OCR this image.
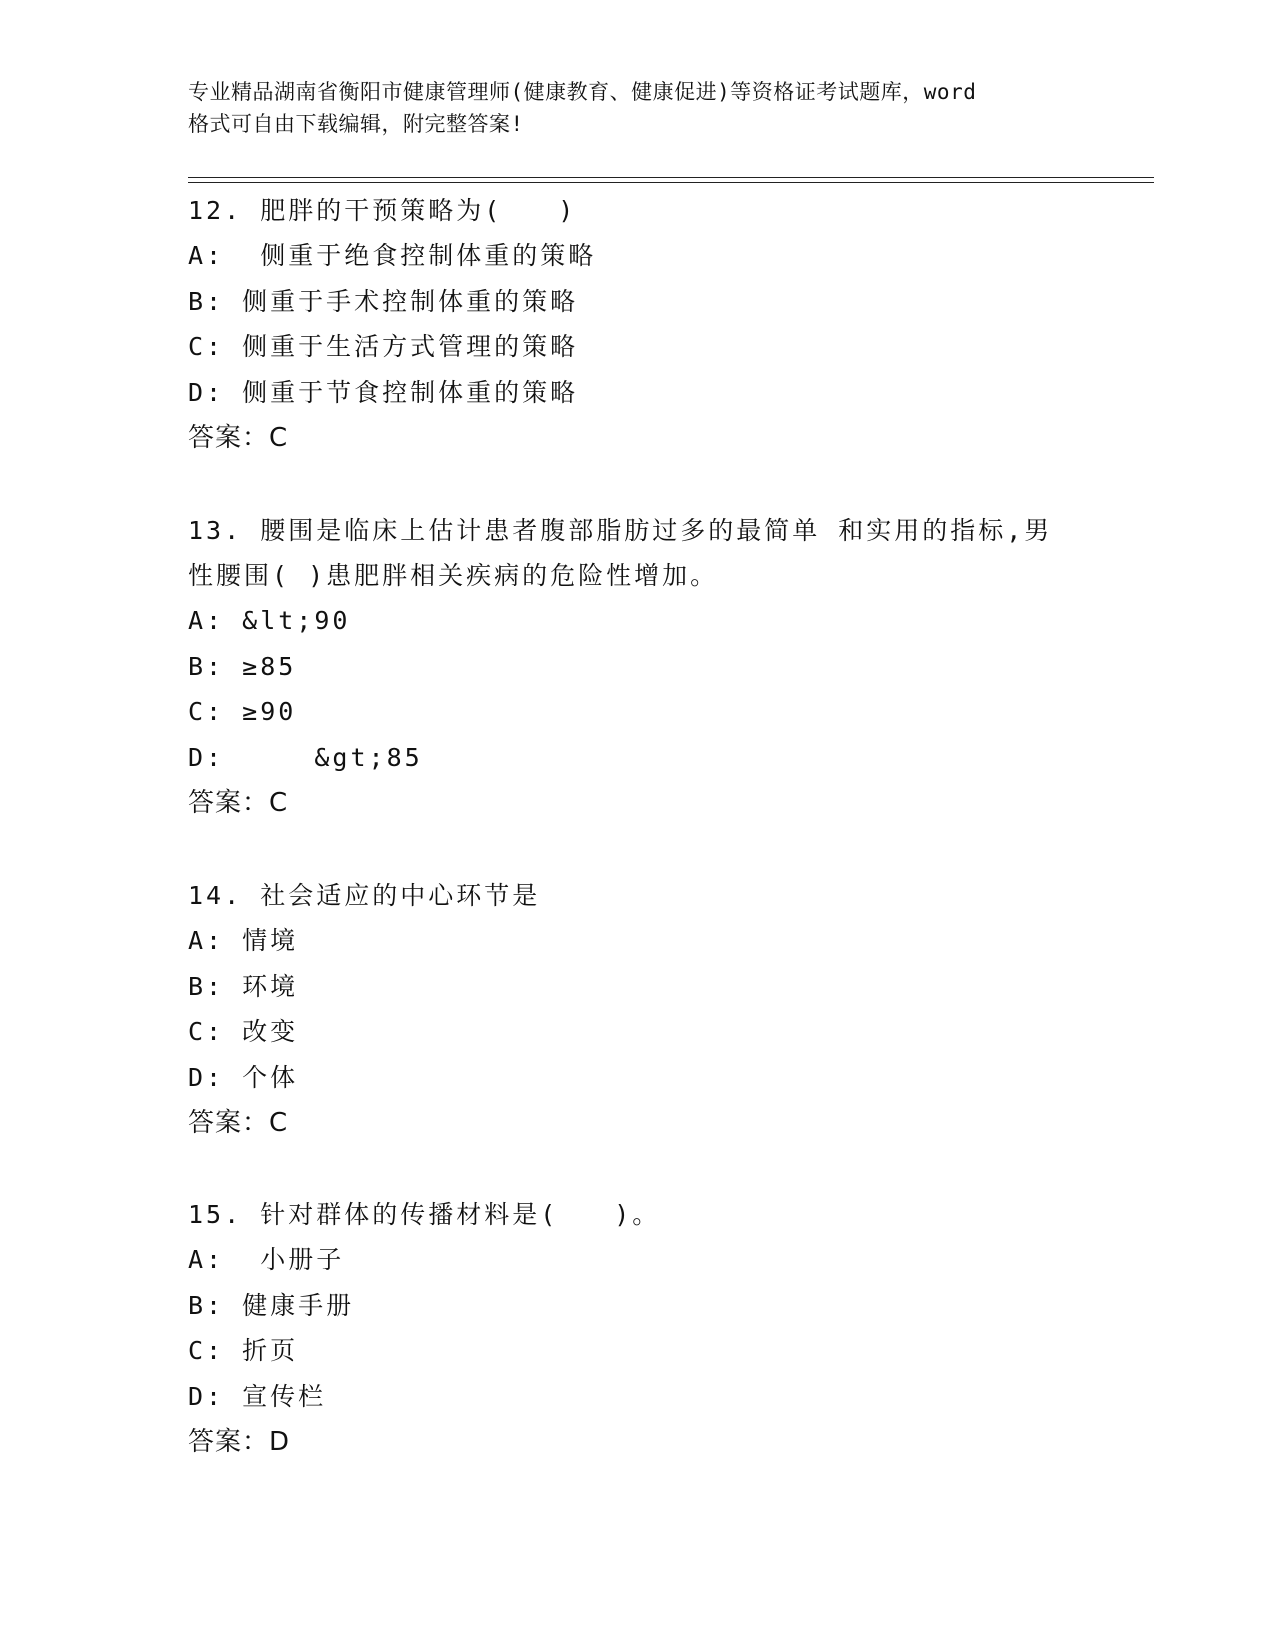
专业精品湖南省衡阳市健康管理师(健康教育、健康促进)等资格证考试题库，word
格式可自由下载编辑，附完整答案!

12. 肥胖的干预策略为(　　)

A:  侧重于绝食控制体重的策略

B: 侧重于手术控制体重的策略

C: 侧重于生活方式管理的策略

D: 侧重于节食控制体重的策略

答案：C

13. 腰围是临床上估计患者腹部脂肪过多的最简单 和实用的指标,男

性腰围( )患肥胖相关疾病的危险性增加。

A: &lt;90

B: ≥85

C: ≥90

D:     &gt;85

答案：C

14. 社会适应的中心环节是

A: 情境

B: 环境

C: 改变

D: 个体

答案：C

15. 针对群体的传播材料是(　　)。

A:  小册子

B: 健康手册

C: 折页

D: 宣传栏

答案：D
